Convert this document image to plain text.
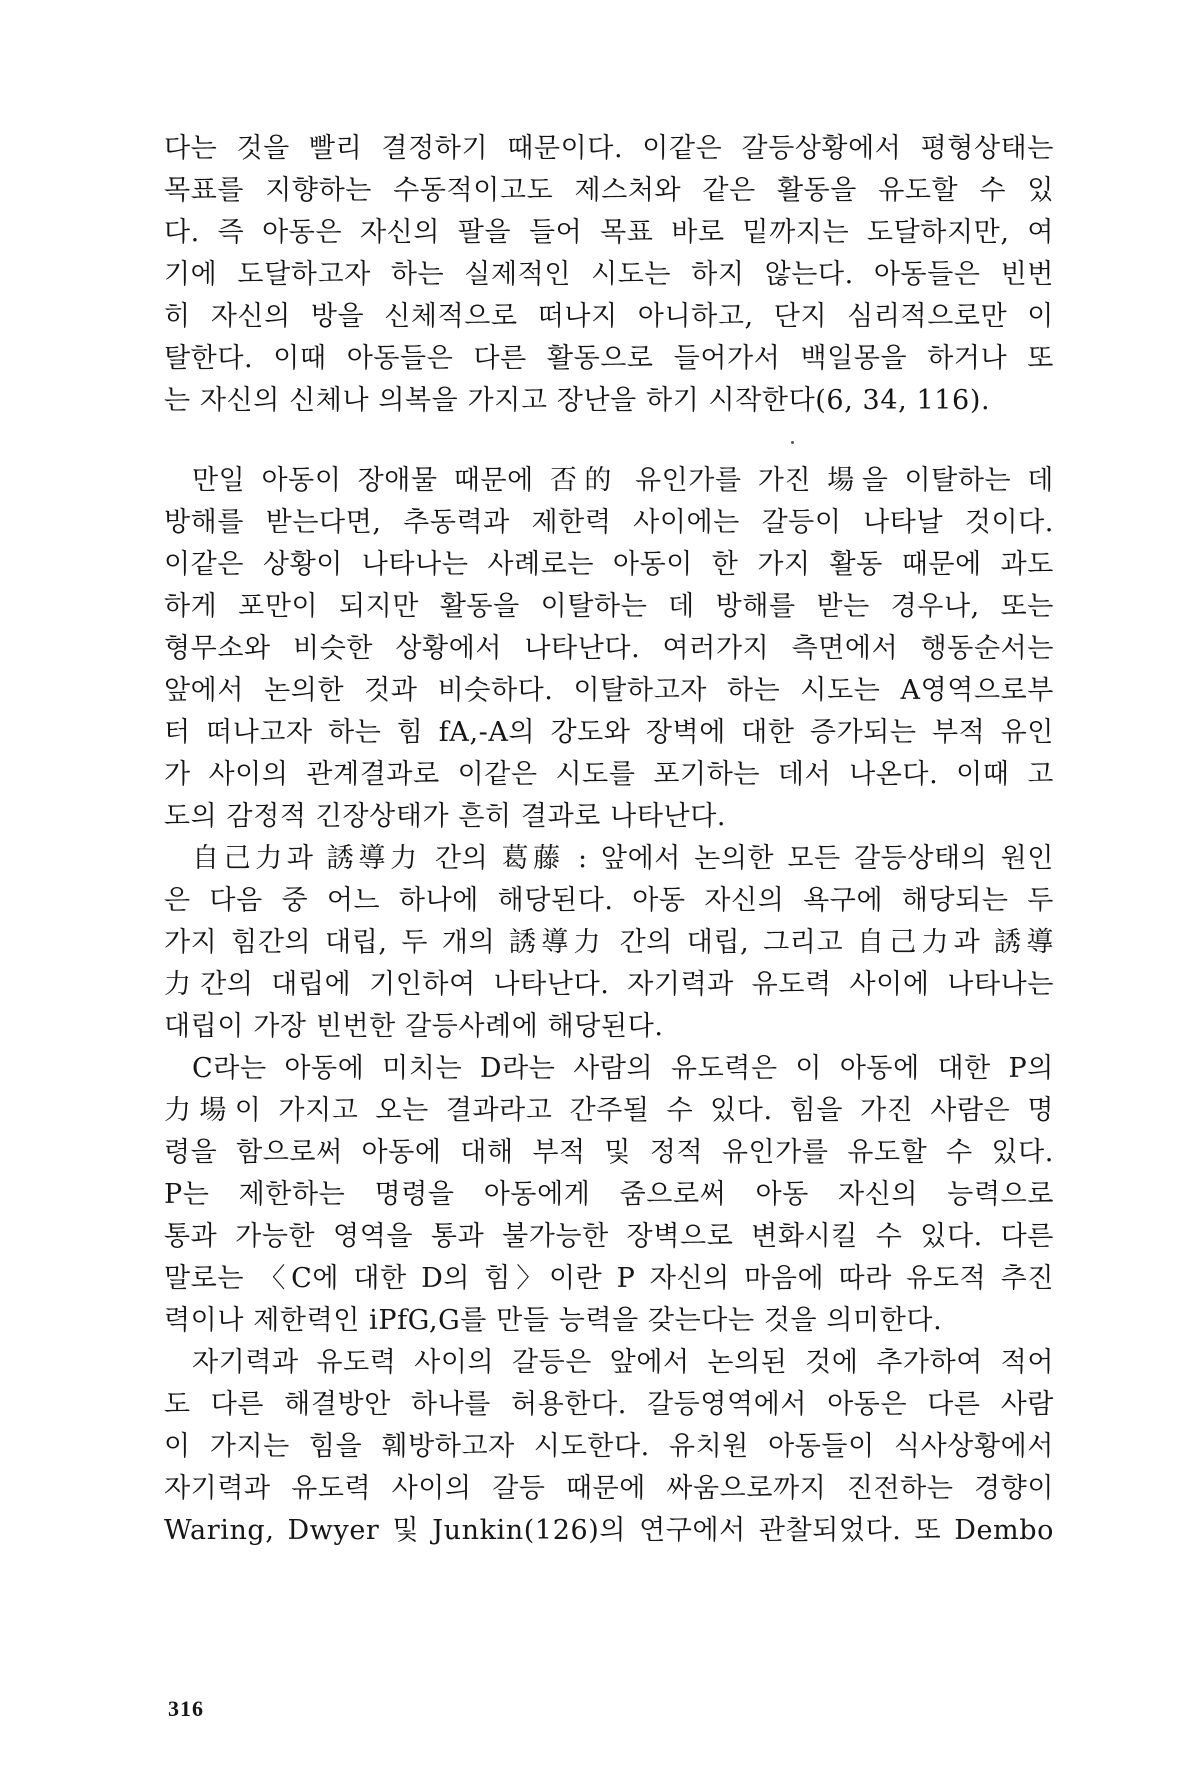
다는 것을 빨리 결정하기 때문이다. 이같은 갈등상황에서 평형상태는
목표를 지향하는 수동적이고도 제스처와 같은 활동을 유도할 수 있
다. 즉 아동은 자신의 팔을 들어 목표 바로 밑까지는 도달하지만, 여
기에 도달하고자 하는 실제적인 시도는 하지 않는다. 아동들은 빈번
히 자신의 방을 신체적으로 떠나지 아니하고, 단지 심리적으로만 이
탈한다. 이때 아동들은 다른 활동으로 들어가서 백일몽을 하거나 또
는 자신의 신체나 의복을 가지고 장난을 하기 시작한다(6, 34, 116).
만일 아동이 장애물 때문에 否的 유인가를 가진 場을 이탈하는 데
방해를 받는다면, 추동력과 제한력 사이에는 갈등이 나타날 것이다.
이같은 상황이 나타나는 사례로는 아동이 한 가지 활동 때문에 과도
하게 포만이 되지만 활동을 이탈하는 데 방해를 받는 경우나, 또는
형무소와 비슷한 상황에서 나타난다. 여러가지 측면에서 행동순서는
앞에서 논의한 것과 비슷하다. 이탈하고자 하는 시도는 A영역으로부
터 떠나고자 하는 힘 fA,-A의 강도와 장벽에 대한 증가되는 부적 유인
가 사이의 관계결과로 이같은 시도를 포기하는 데서 나온다. 이때 고
도의 감정적 긴장상태가 흔히 결과로 나타난다.
自己力과 誘導力 간의 葛藤 : 앞에서 논의한 모든 갈등상태의 원인
은 다음 중 어느 하나에 해당된다. 아동 자신의 욕구에 해당되는 두
가지 힘간의 대립, 두 개의 誘導力 간의 대립, 그리고 自己力과 誘導
力간의 대립에 기인하여 나타난다. 자기력과 유도력 사이에 나타나는
대립이 가장 빈번한 갈등사례에 해당된다.
C라는 아동에 미치는 D라는 사람의 유도력은 이 아동에 대한 P의
力場이 가지고 오는 결과라고 간주될 수 있다. 힘을 가진 사람은 명
령을 함으로써 아동에 대해 부적 및 정적 유인가를 유도할 수 있다.
P는 제한하는 명령을 아동에게 줌으로써 아동 자신의 능력으로
통과 가능한 영역을 통과 불가능한 장벽으로 변화시킬 수 있다. 다른
말로는 〈C에 대한 D의 힘〉이란 P 자신의 마음에 따라 유도적 추진
력이나 제한력인 iPfG,G를 만들 능력을 갖는다는 것을 의미한다.
자기력과 유도력 사이의 갈등은 앞에서 논의된 것에 추가하여 적어
도 다른 해결방안 하나를 허용한다. 갈등영역에서 아동은 다른 사람
이 가지는 힘을 훼방하고자 시도한다. 유치원 아동들이 식사상황에서
자기력과 유도력 사이의 갈등 때문에 싸움으로까지 진전하는 경향이
Waring, Dwyer 및 Junkin(126)의 연구에서 관찰되었다. 또 Dembo
316
